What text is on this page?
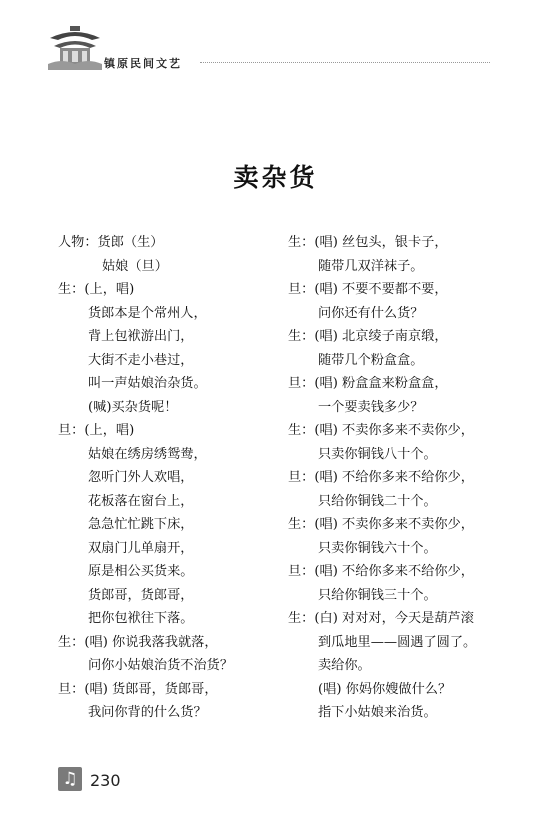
镇原民间文艺
卖杂货
人物：货郎（生）
姑娘（旦）
生：(上，唱)
货郎本是个常州人，
背上包袱游出门，
大街不走小巷过，
叫一声姑娘治杂货。
(喊)买杂货呢！
旦：(上，唱)
姑娘在绣房绣鸳鸯，
忽听门外人欢唱，
花板落在窗台上，
急急忙忙跳下床，
双扇门儿单扇开，
原是相公买货来。
货郎哥，货郎哥，
把你包袱往下落。
生：(唱) 你说我落我就落，
问你小姑娘治货不治货？
旦：(唱) 货郎哥，货郎哥，
我问你背的什么货？
生：(唱) 丝包头，银卡子，
随带几双洋袜子。
旦：(唱) 不要不要都不要，
问你还有什么货？
生：(唱) 北京绫子南京缎，
随带几个粉盒盒。
旦：(唱) 粉盒盒来粉盒盒，
一个要卖钱多少？
生：(唱) 不卖你多来不卖你少，
只卖你铜钱八十个。
旦：(唱) 不给你多来不给你少，
只给你铜钱二十个。
生：(唱) 不卖你多来不卖你少，
只卖你铜钱六十个。
旦：(唱) 不给你多来不给你少，
只给你铜钱三十个。
生：(白) 对对对，今天是葫芦滚
到瓜地里——圆遇了圆了。
卖给你。
(唱) 你妈你嫂做什么？
指下小姑娘来治货。
♫ 230
